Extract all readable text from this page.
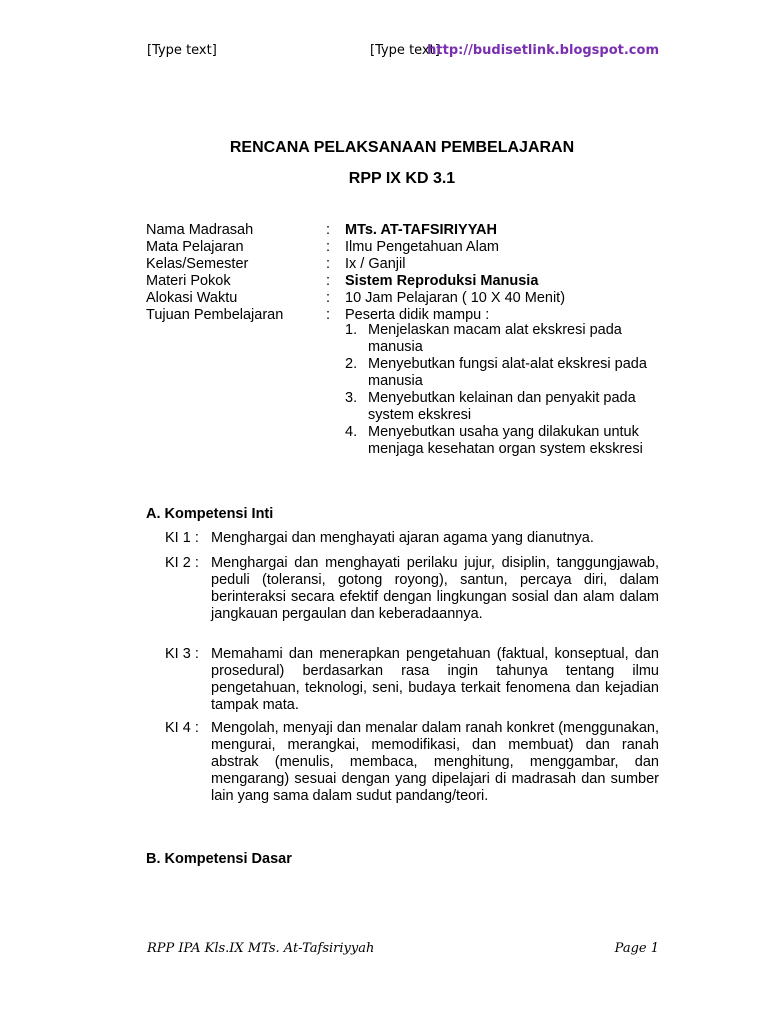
[Type text]	[Type text]
http://budisetlink.blogspot.com
RENCANA PELAKSANAAN PEMBELAJARAN
RPP IX KD 3.1
Nama Madrasah	: MTs. AT-TAFSIRIYYAH
Mata Pelajaran	: Ilmu Pengetahuan Alam
Kelas/Semester	: Ix / Ganjil
Materi Pokok	: Sistem Reproduksi Manusia
Alokasi Waktu	: 10 Jam Pelajaran ( 10 X 40 Menit)
Tujuan Pembelajaran	: Peserta didik mampu :
1. Menjelaskan macam alat ekskresi pada manusia
2. Menyebutkan fungsi alat-alat ekskresi pada manusia
3. Menyebutkan kelainan dan penyakit pada system ekskresi
4. Menyebutkan usaha yang dilakukan untuk menjaga kesehatan organ system ekskresi
A. Kompetensi Inti
KI 1 : Menghargai dan menghayati ajaran agama yang dianutnya.
KI 2 : Menghargai dan menghayati perilaku jujur, disiplin, tanggungjawab, peduli (toleransi, gotong royong), santun, percaya diri, dalam berinteraksi secara efektif dengan lingkungan sosial dan alam dalam jangkauan pergaulan dan keberadaannya.
KI 3 : Memahami dan menerapkan pengetahuan (faktual, konseptual, dan prosedural) berdasarkan rasa ingin tahunya tentang ilmu pengetahuan, teknologi, seni, budaya terkait fenomena dan kejadian tampak mata.
KI 4 : Mengolah, menyaji dan menalar dalam ranah konkret (menggunakan, mengurai, merangkai, memodifikasi, dan membuat) dan ranah abstrak (menulis, membaca, menghitung, menggambar, dan mengarang) sesuai dengan yang dipelajari di madrasah dan sumber lain yang sama dalam sudut pandang/teori.
B. Kompetensi Dasar
RPP IPA Kls.IX MTs. At-Tafsiriyyah	Page 1
